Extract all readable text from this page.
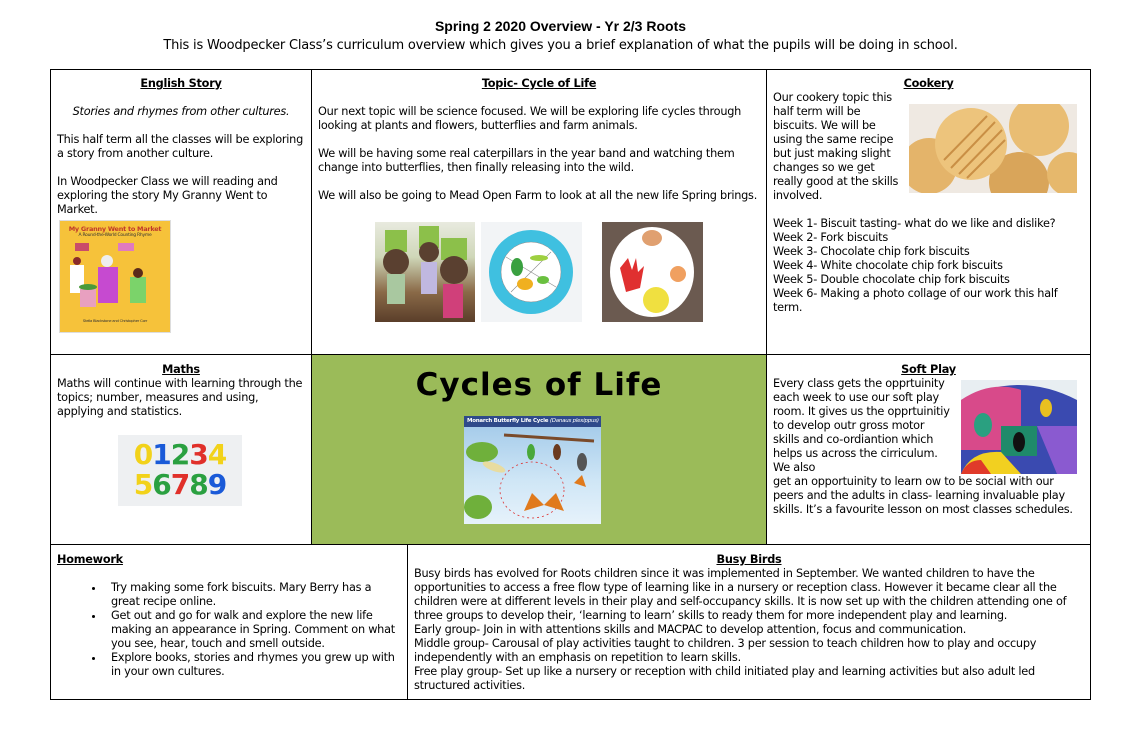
Spring 2 2020 Overview - Yr 2/3 Roots
This is Woodpecker Class’s curriculum overview which gives you a brief explanation of what the pupils will be doing in school.
Cycles of Life
Monarch Butterfly Life Cycle (Danaus plexippus)
English Story

Stories and rhymes from other cultures.

This half term all the classes will be exploring a story from another culture.

In Woodpecker Class we will reading and exploring the story My Granny Went to Market.

My Granny Went to Market
A Round-the-World Counting Rhyme
Stella Blackstone and Christopher Corr
Topic- Cycle of Life

Our next topic will be science focused. We will be exploring life cycles through looking at plants and flowers, butterflies and farm animals.

We will be having some real caterpillars in the year band and watching them change into butterflies, then finally releasing into the wild.

We will also be going to Mead Open Farm to look at all the new life Spring brings.

Cookery

Our cookery topic this half term will be biscuits. We will be using the same recipe but just making slight changes so we get really good at the skills involved.

Week 1- Biscuit tasting- what do we like and dislike?

Week 2- Fork biscuits

Week 3- Chocolate chip fork biscuits

Week 4- White chocolate chip fork biscuits

Week 5- Double chocolate chip fork biscuits

Week 6- Making a photo collage of our work this half term.

Maths

Maths will continue with learning through the topics; number, measures and using, applying and statistics.

01234
56789
Soft Play

Every class gets the opprtuinity each week to use our soft play room. It gives us the opprtuinitiy to develop outr gross motor skills and co-ordiantion which helps us across the cirriculum. We also

get an opportuinity to learn ow to be social with our peers and the adults in class- learning invaluable play skills. It’s a favourite lesson on most classes schedules.

Homework
• Try making some fork biscuits. Mary Berry has a great recipe online.
• Get out and go for walk and explore the new life making an appearance in Spring. Comment on what you see, hear, touch and smell outside.
• Explore books, stories and rhymes you grew up with in your own cultures.
Busy Birds

Busy birds has evolved for Roots children since it was implemented in September. We wanted children to have the opportunities to access a free flow type of learning like in a nursery or reception class. However it became clear all the children were at different levels in their play and self-occupancy skills. It is now set up with the children attending one of three groups to develop their, ‘learning to learn’ skills to ready them for more independent play and learning.

Early group- Join in with attentions skills and MACPAC to develop attention, focus and communication.

Middle group- Carousal of play activities taught to children. 3 per session to teach children how to play and occupy independently with an emphasis on repetition to learn skills.

Free play group- Set up like a nursery or reception with child initiated play and learning activities but also adult led structured activities.
